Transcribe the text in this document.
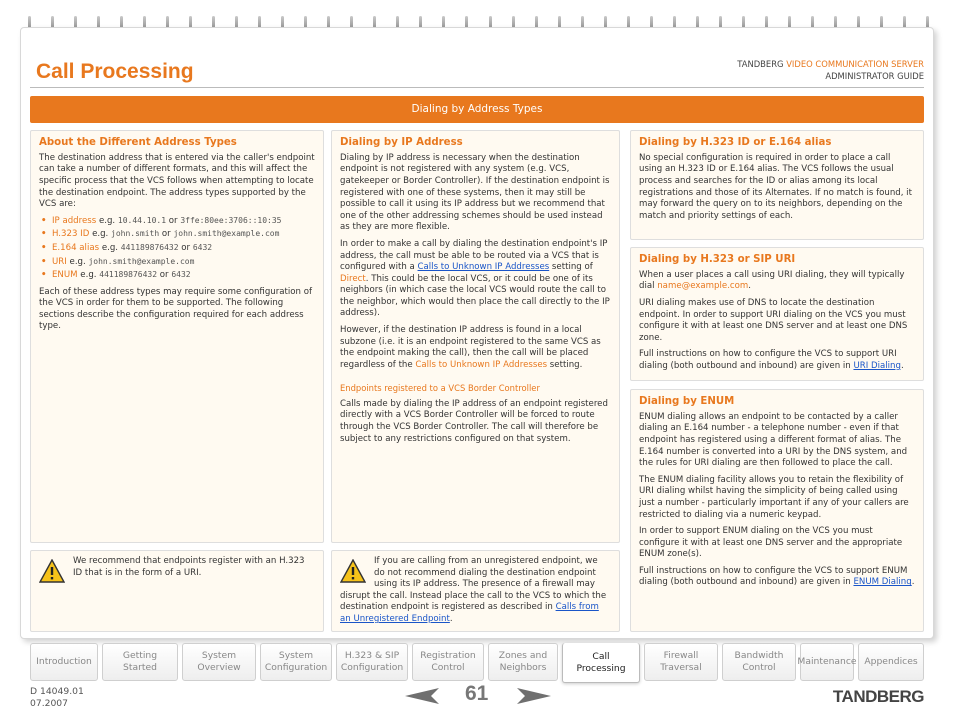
Call Processing	TANDBERG VIDEO COMMUNICATION SERVER
ADMINISTRATOR GUIDE
Dialing by Address Types
About the Different Address Types

The destination address that is entered via the caller's endpoint can take a number of different formats, and this will affect the specific process that the VCS follows when attempting to locate the destination endpoint. The address types supported by the VCS are:

• IP address e.g. 10.44.10.1 or 3ffe:80ee:3706::10:35
• H.323 ID e.g. john.smith or john.smith@example.com
• E.164 alias e.g. 441189876432 or 6432
• URI e.g. john.smith@example.com
• ENUM e.g. 441189876432 or 6432

Each of these address types may require some configuration of the VCS in order for them to be supported. The following sections describe the configuration required for each address type.

We recommend that endpoints register with an H.323 ID that is in the form of a URI.

Dialing by IP Address

Dialing by IP address is necessary when the destination endpoint is not registered with any system (e.g. VCS, gatekeeper or Border Controller). If the destination endpoint is registered with one of these systems, then it may still be possible to call it using its IP address but we recommend that one of the other addressing schemes should be used instead as they are more flexible.

In order to make a call by dialing the destination endpoint's IP address, the call must be able to be routed via a VCS that is configured with a Calls to Unknown IP Addresses setting of Direct. This could be the local VCS, or it could be one of its neighbors (in which case the local VCS would route the call to the neighbor, which would then place the call directly to the IP address).

However, if the destination IP address is found in a local subzone (i.e. it is an endpoint registered to the same VCS as the endpoint making the call), then the call will be placed regardless of the Calls to Unknown IP Addresses setting.

Endpoints registered to a VCS Border Controller

Calls made by dialing the IP address of an endpoint registered directly with a VCS Border Controller will be forced to route through the VCS Border Controller. The call will therefore be subject to any restrictions configured on that system.

If you are calling from an unregistered endpoint, we do not recommend dialing the destination endpoint using its IP address. The presence of a firewall may disrupt the call. Instead place the call to the VCS to which the destination endpoint is registered as described in Calls from an Unregistered Endpoint.

Dialing by H.323 ID or E.164 alias

No special configuration is required in order to place a call using an H.323 ID or E.164 alias. The VCS follows the usual process and searches for the ID or alias among its local registrations and those of its Alternates. If no match is found, it may forward the query on to its neighbors, depending on the match and priority settings of each.

Dialing by H.323 or SIP URI

When a user places a call using URI dialing, they will typically dial name@example.com.

URI dialing makes use of DNS to locate the destination endpoint. In order to support URI dialing on the VCS you must configure it with at least one DNS server and at least one DNS zone.

Full instructions on how to configure the VCS to support URI dialing (both outbound and inbound) are given in URI Dialing.

Dialing by ENUM

ENUM dialing allows an endpoint to be contacted by a caller dialing an E.164 number - a telephone number - even if that endpoint has registered using a different format of alias. The E.164 number is converted into a URI by the DNS system, and the rules for URI dialing are then followed to place the call.

The ENUM dialing facility allows you to retain the flexibility of URI dialing whilst having the simplicity of being called using just a number - particularly important if any of your callers are restricted to dialing via a numeric keypad.

In order to support ENUM dialing on the VCS you must configure it with at least one DNS server and the appropriate ENUM zone(s).

Full instructions on how to configure the VCS to support ENUM dialing (both outbound and inbound) are given in ENUM Dialing.

Introduction
Getting
Started
System
Overview
System
Configuration
H.323 & SIP
Configuration
Registration
Control
Zones and
Neighbors
Call
Processing
Firewall
Traversal
Bandwidth
Control
Maintenance Appendices
D 14049.01
07.2007	61	TANDBERG
